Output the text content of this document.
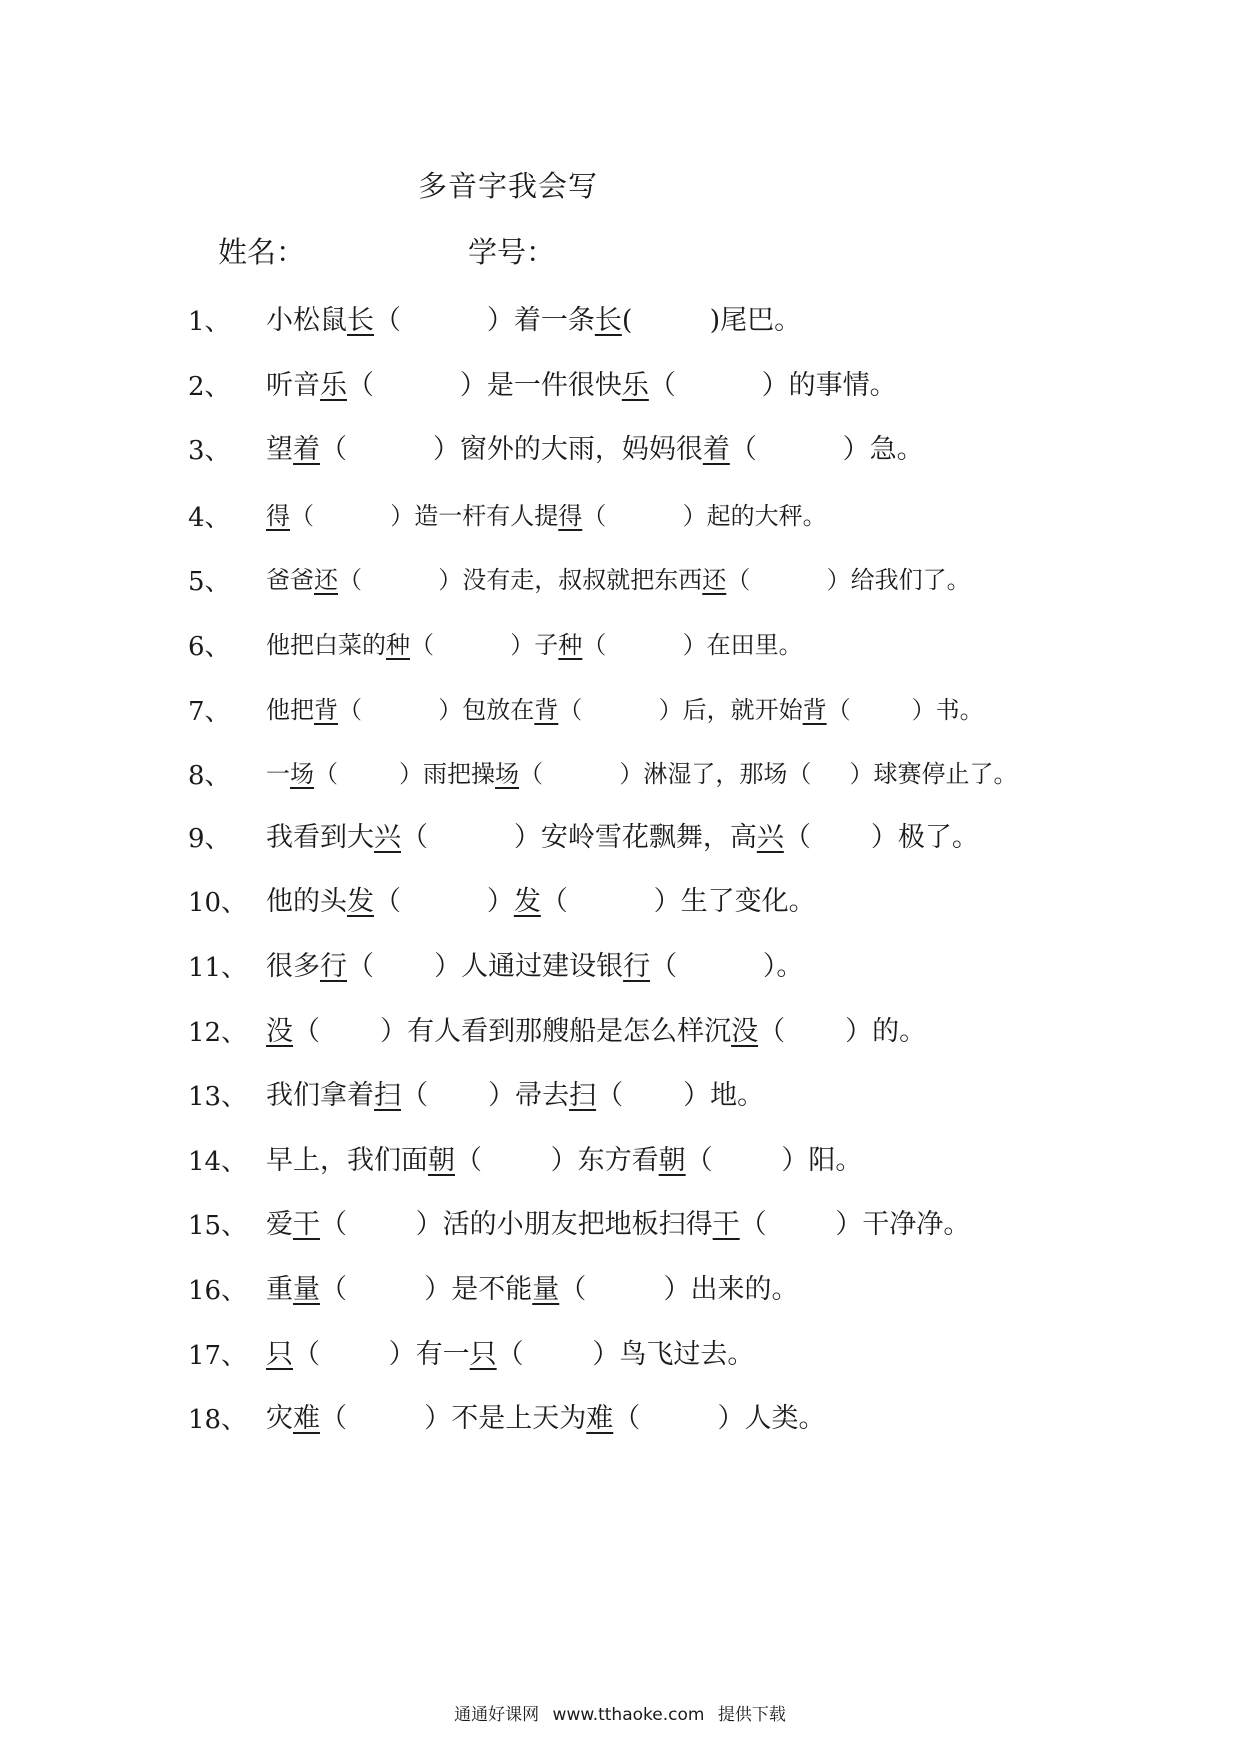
多音字我会写
姓名：	学号：
1、 小松鼠长（          ）着一条长(         )尾巴。
2、 听音乐（          ）是一件很快乐（          ）的事情。
3、 望着（          ）窗外的大雨，妈妈很着（          ）急。
4、 得（          ）造一杆有人提得（          ）起的大秤。
5、 爸爸还（          ）没有走，叔叔就把东西还（          ）给我们了。
6、 他把白菜的种（          ）子种（          ）在田里。
7、 他把背（          ）包放在背（          ）后，就开始背（        ）书。
8、 一场（        ）雨把操场（          ）淋湿了，那场（     ）球赛停止了。
9、 我看到大兴（          ）安岭雪花飘舞，高兴（       ）极了。
10、 他的头发（          ）发（          ）生了变化。
11、 很多行（       ）人通过建设银行（          ）。
12、 没（       ）有人看到那艘船是怎么样沉没（       ）的。
13、 我们拿着扫（       ）帚去扫（       ）地。
14、 早上，我们面朝（        ）东方看朝（        ）阳。
15、 爱干（        ）活的小朋友把地板扫得干（        ）干净净。
16、 重量（         ）是不能量（         ）出来的。
17、 只（        ）有一只（        ）鸟飞过去。
18、 灾难（         ）不是上天为难（         ）人类。
通通好课网 www.tthaoke.com 提供下载
